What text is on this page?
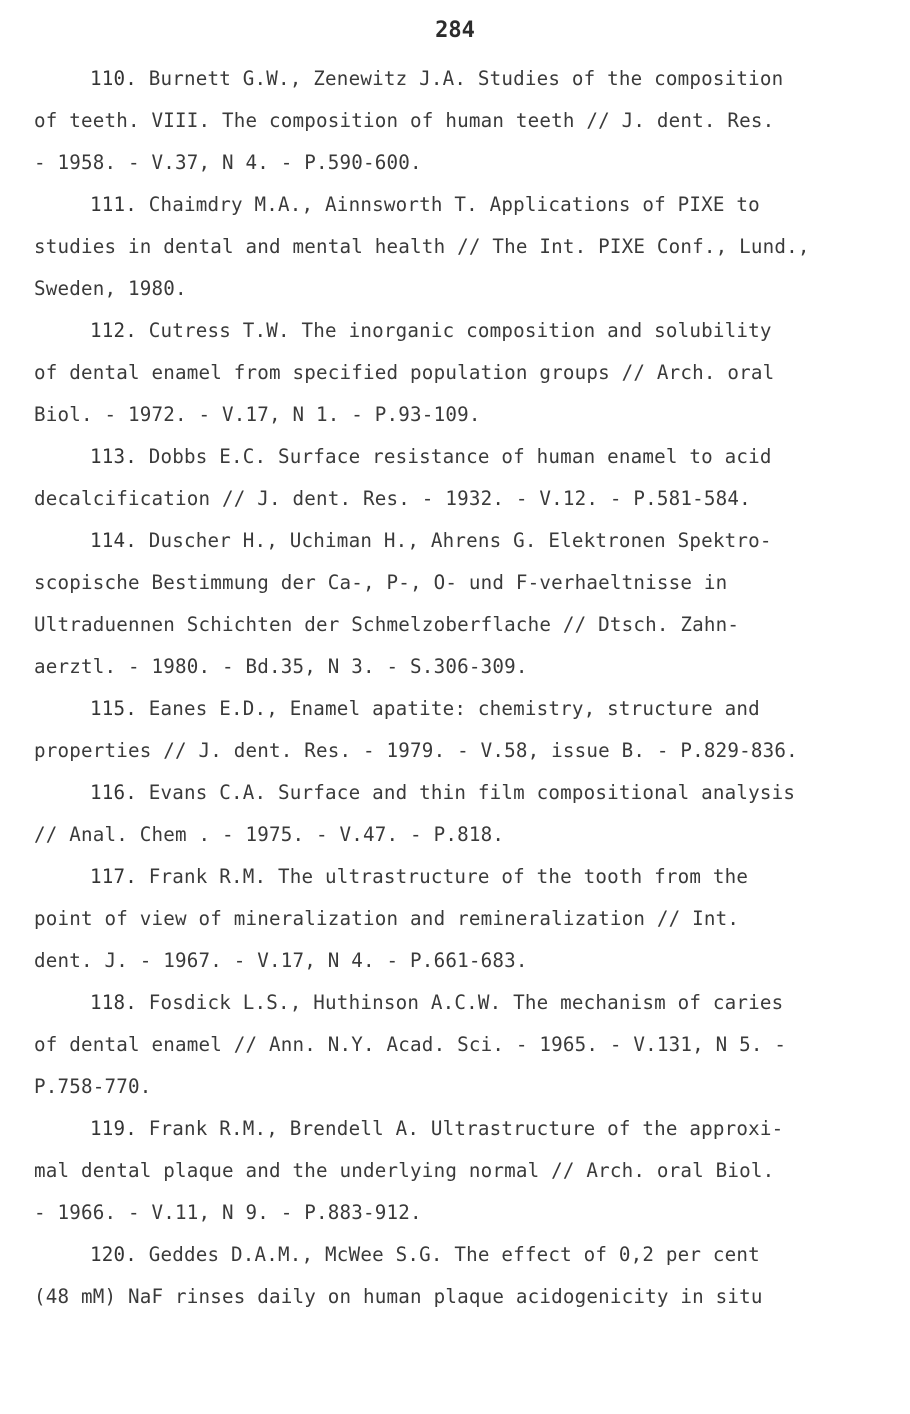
284

110. Burnett G.W., Zenewitz J.A. Studies of the composition
of teeth. VIII. The composition of human teeth // J. dent. Res.
- 1958. - V.37, N 4. - P.590-600.

111. Chaimdry M.A., Ainnsworth T. Applications of PIXE to
studies in dental and mental health // The Int. PIXE Conf., Lund.,
Sweden, 1980.

112. Cutress T.W. The inorganic composition and solubility
of dental enamel from specified population groups // Arch. oral
Biol. - 1972. - V.17, N 1. - P.93-109.

113. Dobbs E.C. Surface resistance of human enamel to acid
decalcification // J. dent. Res. - 1932. - V.12. - P.581-584.

114. Duscher H., Uchiman H., Ahrens G. Elektronen Spektro-
scopische Bestimmung der Ca-, P-, O- und F-verhaeltnisse in
Ultraduennen Schichten der Schmelzoberflache // Dtsch. Zahn-
aerztl. - 1980. - Bd.35, N 3. - S.306-309.

115. Eanes E.D., Enamel apatite: chemistry, structure and
properties // J. dent. Res. - 1979. - V.58, issue B. - P.829-836.

116. Evans C.A. Surface and thin film compositional analysis
// Anal. Chem . - 1975. - V.47. - P.818.

117. Frank R.M. The ultrastructure of the tooth from the
point of view of mineralization and remineralization // Int.
dent. J. - 1967. - V.17, N 4. - P.661-683.

118. Fosdick L.S., Huthinson A.C.W. The mechanism of caries
of dental enamel // Ann. N.Y. Acad. Sci. - 1965. - V.131, N 5. -
P.758-770.

119. Frank R.M., Brendell A. Ultrastructure of the approxi-
mal dental plaque and the underlying normal // Arch. oral Biol.
- 1966. - V.11, N 9. - P.883-912.

120. Geddes D.A.M., McWee S.G. The effect of 0,2 per cent
(48 mM) NaF rinses daily on human plaque acidogenicity in situ
